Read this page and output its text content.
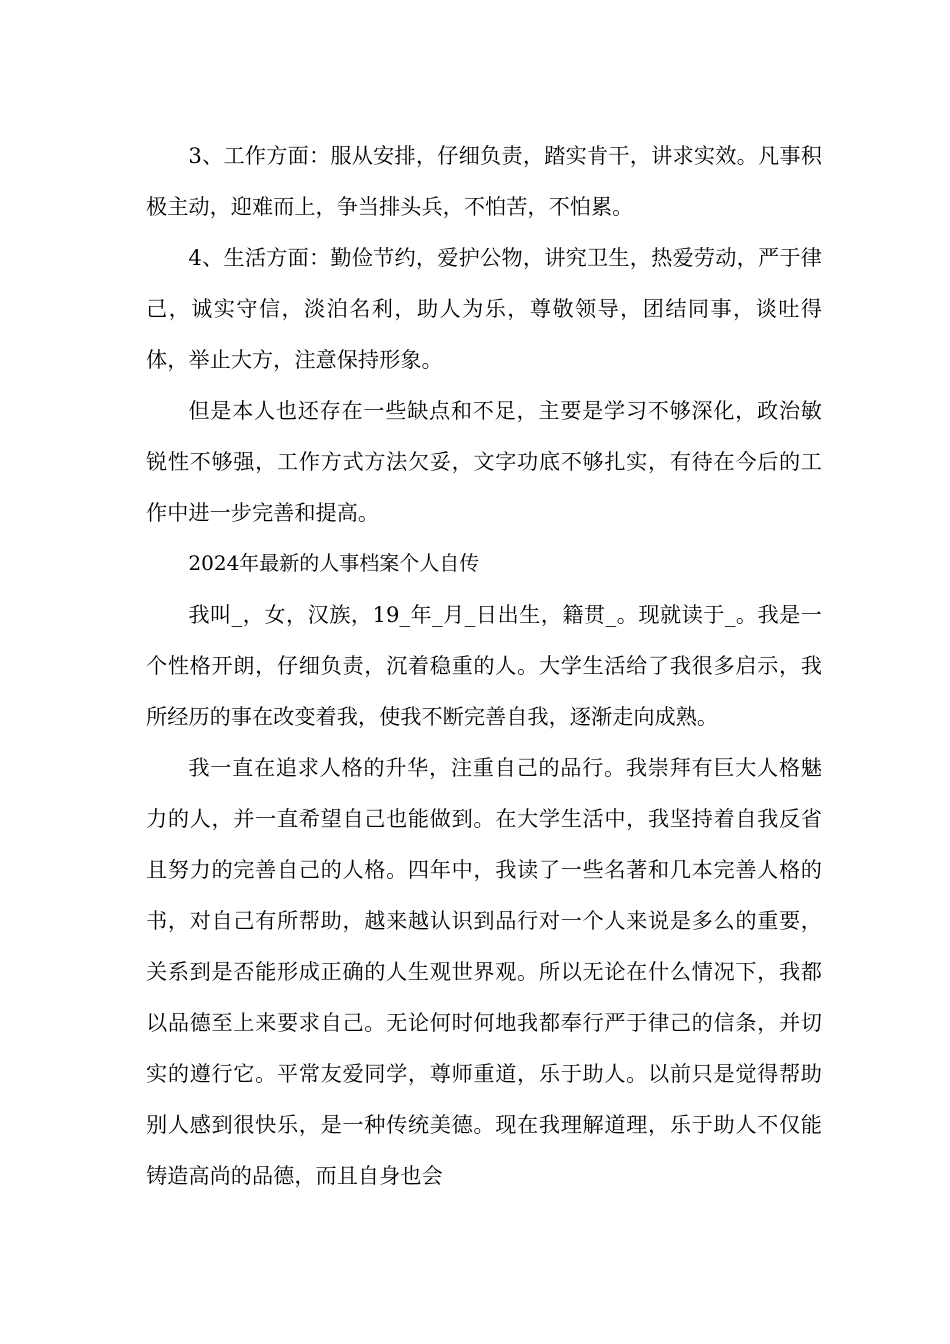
3、工作方面：服从安排，仔细负责，踏实肯干，讲求实效。凡事积极主动，迎难而上，争当排头兵，不怕苦，不怕累。

4、生活方面：勤俭节约，爱护公物，讲究卫生，热爱劳动，严于律己，诚实守信，淡泊名利，助人为乐，尊敬领导，团结同事，谈吐得体，举止大方，注意保持形象。

但是本人也还存在一些缺点和不足，主要是学习不够深化，政治敏锐性不够强，工作方式方法欠妥，文字功底不够扎实，有待在今后的工作中进一步完善和提高。

2024年最新的人事档案个人自传

我叫_，女，汉族，19_年_月_日出生，籍贯_。现就读于_。我是一个性格开朗，仔细负责，沉着稳重的人。大学生活给了我很多启示，我所经历的事在改变着我，使我不断完善自我，逐渐走向成熟。

我一直在追求人格的升华，注重自己的品行。我崇拜有巨大人格魅力的人，并一直希望自己也能做到。在大学生活中，我坚持着自我反省且努力的完善自己的人格。四年中，我读了一些名著和几本完善人格的书，对自己有所帮助，越来越认识到品行对一个人来说是多么的重要，关系到是否能形成正确的人生观世界观。所以无论在什么情况下，我都以品德至上来要求自己。无论何时何地我都奉行严于律己的信条，并切实的遵行它。平常友爱同学，尊师重道，乐于助人。以前只是觉得帮助别人感到很快乐，是一种传统美德。现在我理解道理，乐于助人不仅能铸造高尚的品德，而且自身也会
